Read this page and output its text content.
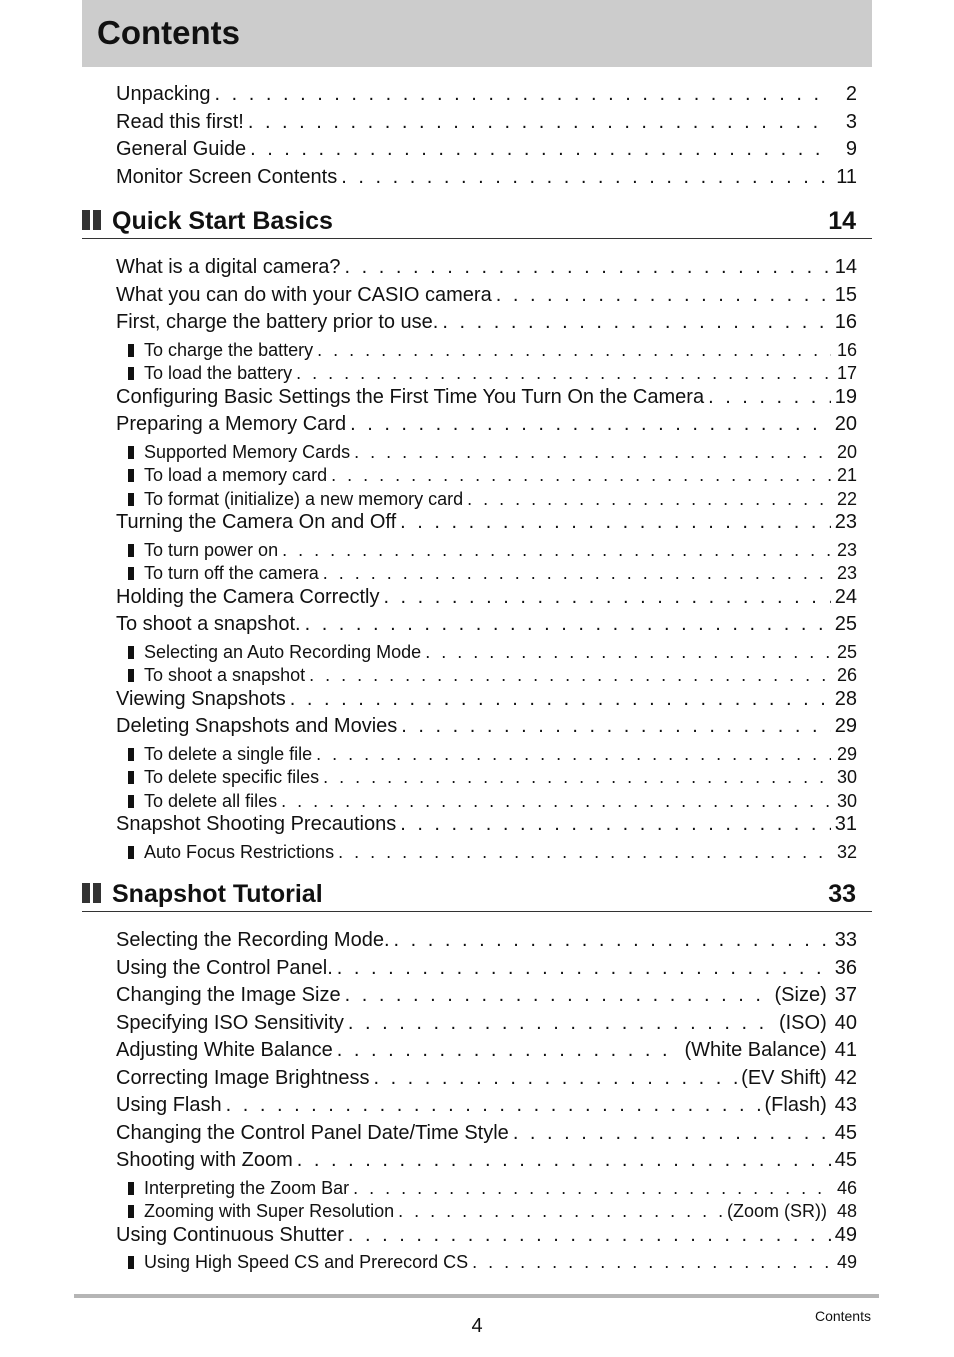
Contents
Unpacking . . .	2
Read this first! . . .	3
General Guide . . .	9
Monitor Screen Contents . . .	11
Quick Start Basics	14
What is a digital camera? . . .	14
What you can do with your CASIO camera . . .	15
First, charge the battery prior to use. . . .	16
To charge the battery . . .	16
To load the battery . . .	17
Configuring Basic Settings the First Time You Turn On the Camera . . .	19
Preparing a Memory Card . . .	20
Supported Memory Cards . . .	20
To load a memory card . . .	21
To format (initialize) a new memory card . . .	22
Turning the Camera On and Off . . .	23
To turn power on . . .	23
To turn off the camera . . .	23
Holding the Camera Correctly . . .	24
To shoot a snapshot. . . .	25
Selecting an Auto Recording Mode . . .	25
To shoot a snapshot . . .	26
Viewing Snapshots . . .	28
Deleting Snapshots and Movies . . .	29
To delete a single file . . .	29
To delete specific files . . .	30
To delete all files . . .	30
Snapshot Shooting Precautions . . .	31
Auto Focus Restrictions . . .	32
Snapshot Tutorial	33
Selecting the Recording Mode. . . .	33
Using the Control Panel. . . .	36
Changing the Image Size . . .	(Size) 37
Specifying ISO Sensitivity . . .	(ISO) 40
Adjusting White Balance . . .	(White Balance) 41
Correcting Image Brightness . . .	(EV Shift) 42
Using Flash . . .	(Flash) 43
Changing the Control Panel Date/Time Style . . .	45
Shooting with Zoom . . .	45
Interpreting the Zoom Bar . . .	46
Zooming with Super Resolution . . .	(Zoom (SR)) 48
Using Continuous Shutter . . .	49
Using High Speed CS and Prerecord CS . . .	49
4	Contents
